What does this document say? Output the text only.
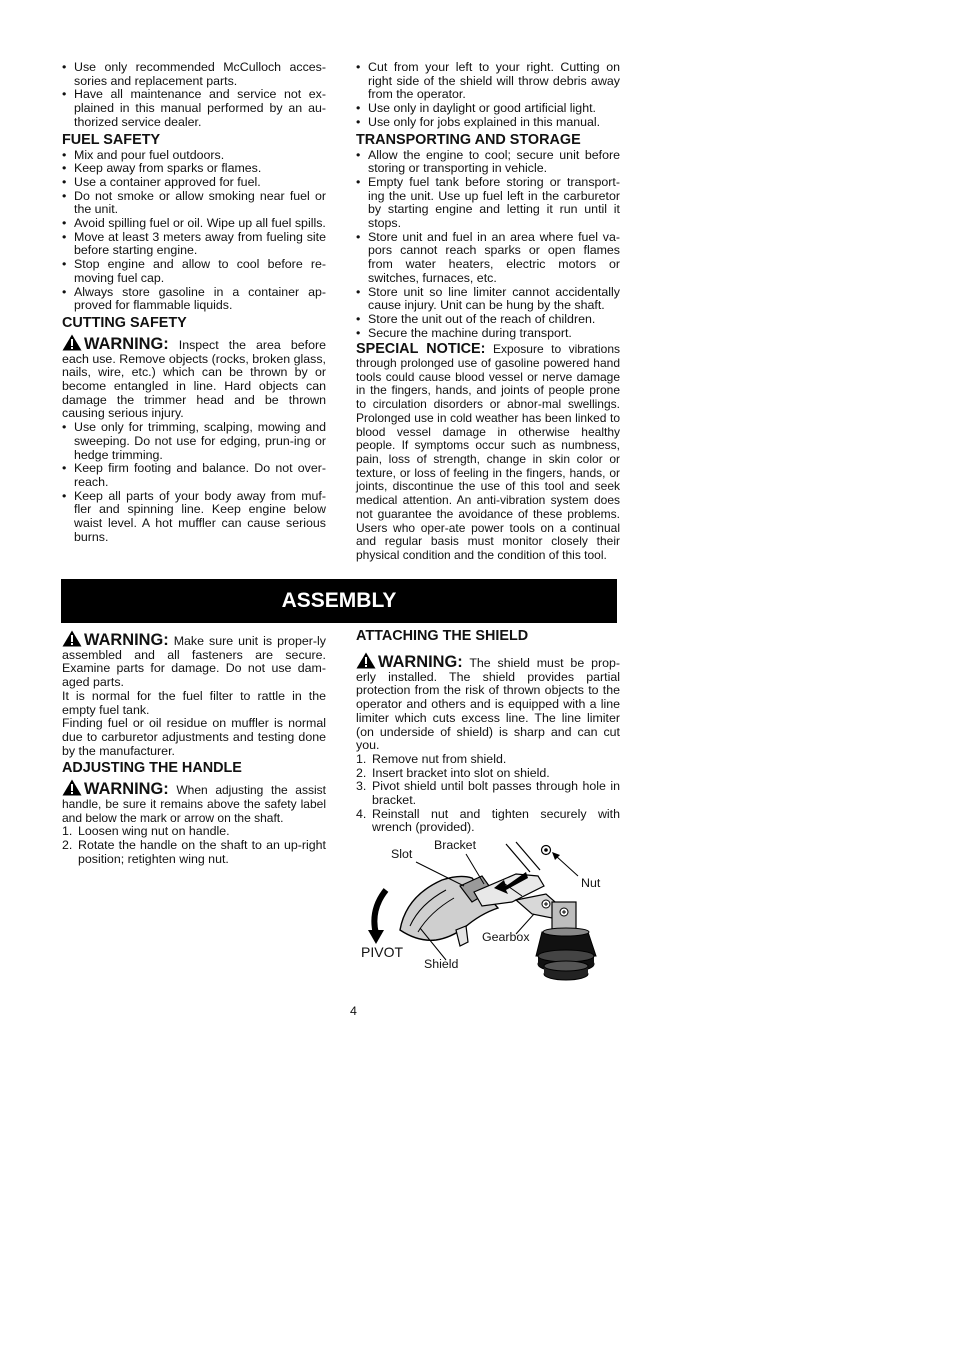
• Use only recommended McCulloch acces-sories and replacement parts.
• Have all maintenance and service not ex-plained in this manual performed by an au-thorized service dealer.
FUEL SAFETY
• Mix and pour fuel outdoors.
• Keep away from sparks or flames.
• Use a container approved for fuel.
• Do not smoke or allow smoking near fuel or the unit.
• Avoid spilling fuel or oil. Wipe up all fuel spills.
• Move at least 3 meters away from fueling site before starting engine.
• Stop engine and allow to cool before re-moving fuel cap.
• Always store gasoline in a container ap-proved for flammable liquids.
CUTTING SAFETY

WARNING: Inspect the area before each use. Remove objects (rocks, broken glass, nails, wire, etc.) which can be thrown by or become entangled in line. Hard objects can damage the trimmer head and be thrown causing serious injury.

• Use only for trimming, scalping, mowing and sweeping. Do not use for edging, prun-ing or hedge trimming.
• Keep firm footing and balance. Do not over-reach.
• Keep all parts of your body away from muf-fler and spinning line. Keep engine below waist level. A hot muffler can cause serious burns.
• Cut from your left to your right. Cutting on right side of the shield will throw debris away from the operator.
• Use only in daylight or good artificial light.
• Use only for jobs explained in this manual.
TRANSPORTING AND STORAGE
• Allow the engine to cool; secure unit before storing or transporting in vehicle.
• Empty fuel tank before storing or transport-ing the unit. Use up fuel left in the carburetor by starting engine and letting it run until it stops.
• Store unit and fuel in an area where fuel va-pors cannot reach sparks or open flames from water heaters, electric motors or switches, furnaces, etc.
• Store unit so line limiter cannot accidentally cause injury. Unit can be hung by the shaft.
• Store the unit out of the reach of children.
• Secure the machine during transport.

SPECIAL NOTICE: Exposure to vibrations through prolonged use of gasoline powered hand tools could cause blood vessel or nerve damage in the fingers, hands, and joints of people prone to circulation disorders or abnor-mal swellings. Prolonged use in cold weather has been linked to blood vessel damage in otherwise healthy people. If symptoms occur such as numbness, pain, loss of strength, change in skin color or texture, or loss of feeling in the fingers, hands, or joints, discontinue the use of this tool and seek medical attention. An anti-vibration system does not guarantee the avoidance of these problems. Users who oper-ate power tools on a continual and regular basis must monitor closely their physical condition and the condition of this tool.

ASSEMBLY

WARNING: Make sure unit is proper-ly assembled and all fasteners are secure. Examine parts for damage. Do not use dam-aged parts.

It is normal for the fuel filter to rattle in the empty fuel tank.

Finding fuel or oil residue on muffler is normal due to carburetor adjustments and testing done by the manufacturer.

ADJUSTING THE HANDLE

WARNING: When adjusting the assist handle, be sure it remains above the safety label and below the mark or arrow on the shaft.

1. Loosen wing nut on handle.
2. Rotate the handle on the shaft to an up-right position; retighten wing nut.
ATTACHING THE SHIELD

WARNING: The shield must be prop-erly installed. The shield provides partial protection from the risk of thrown objects to the operator and others and is equipped with a line limiter which cuts excess line. The line limiter (on underside of shield) is sharp and can cut you.

1. Remove nut from shield.
2. Insert bracket into slot on shield.
3. Pivot shield until bolt passes through hole in bracket.
4. Reinstall nut and tighten securely with wrench (provided).
Bracket
Slot
Nut
Gearbox
PIVOT
Shield
4
